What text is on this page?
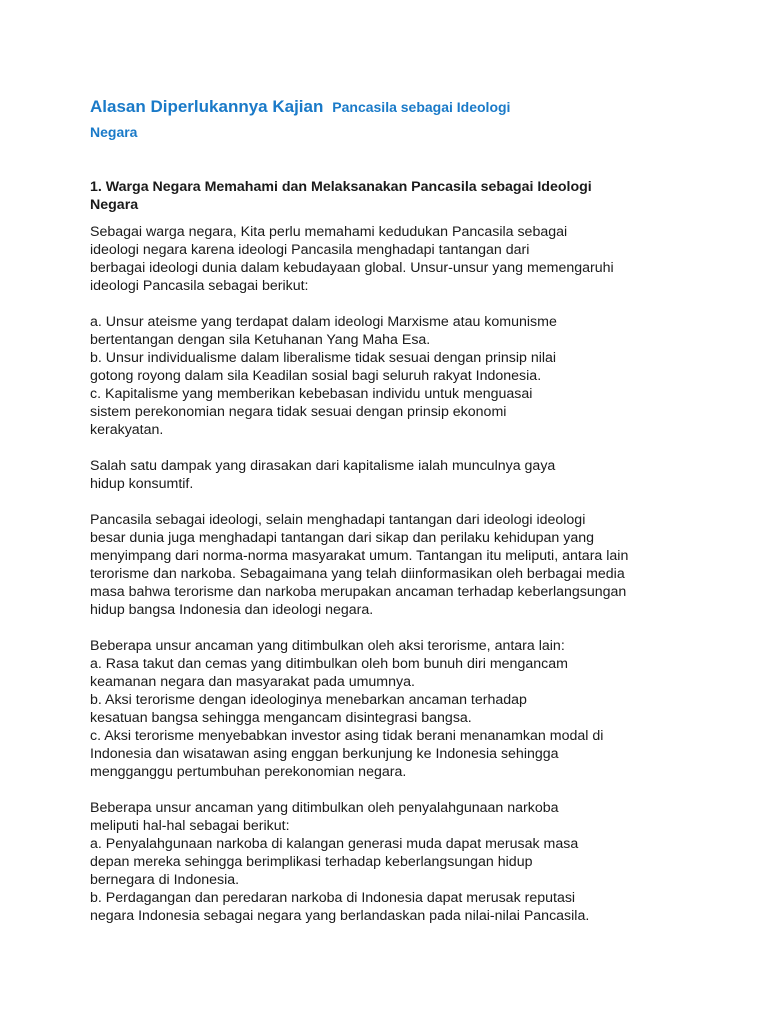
Alasan Diperlukannya Kajian Pancasila sebagai Ideologi
Negara
1. Warga Negara Memahami dan Melaksanakan Pancasila sebagai Ideologi
Negara
Sebagai warga negara, Kita perlu memahami kedudukan Pancasila sebagai
ideologi negara karena ideologi Pancasila menghadapi tantangan dari
berbagai ideologi dunia dalam kebudayaan global. Unsur-unsur yang memengaruhi
ideologi Pancasila sebagai berikut:
a. Unsur ateisme yang terdapat dalam ideologi Marxisme atau komunisme
bertentangan dengan sila Ketuhanan Yang Maha Esa.
b. Unsur individualisme dalam liberalisme tidak sesuai dengan prinsip nilai
gotong royong dalam sila Keadilan sosial bagi seluruh rakyat Indonesia.
c. Kapitalisme yang memberikan kebebasan individu untuk menguasai
sistem perekonomian negara tidak sesuai dengan prinsip ekonomi
kerakyatan.
Salah satu dampak yang dirasakan dari kapitalisme ialah munculnya gaya
hidup konsumtif.
Pancasila sebagai ideologi, selain menghadapi tantangan dari ideologi ideologi
besar dunia juga menghadapi tantangan dari sikap dan perilaku kehidupan yang
menyimpang dari norma-norma masyarakat umum. Tantangan itu meliputi, antara lain
terorisme dan narkoba. Sebagaimana yang telah diinformasikan oleh berbagai media
masa bahwa terorisme dan narkoba merupakan ancaman terhadap keberlangsungan
hidup bangsa Indonesia dan ideologi negara.
Beberapa unsur ancaman yang ditimbulkan oleh aksi terorisme, antara lain:
a. Rasa takut dan cemas yang ditimbulkan oleh bom bunuh diri mengancam
keamanan negara dan masyarakat pada umumnya.
b. Aksi terorisme dengan ideologinya menebarkan ancaman terhadap
kesatuan bangsa sehingga mengancam disintegrasi bangsa.
c. Aksi terorisme menyebabkan investor asing tidak berani menanamkan modal di
Indonesia dan wisatawan asing enggan berkunjung ke Indonesia sehingga
mengganggu pertumbuhan perekonomian negara.
Beberapa unsur ancaman yang ditimbulkan oleh penyalahgunaan narkoba
meliputi hal-hal sebagai berikut:
a. Penyalahgunaan narkoba di kalangan generasi muda dapat merusak masa
depan mereka sehingga berimplikasi terhadap keberlangsungan hidup
bernegara di Indonesia.
b. Perdagangan dan peredaran narkoba di Indonesia dapat merusak reputasi
negara Indonesia sebagai negara yang berlandaskan pada nilai-nilai Pancasila.
